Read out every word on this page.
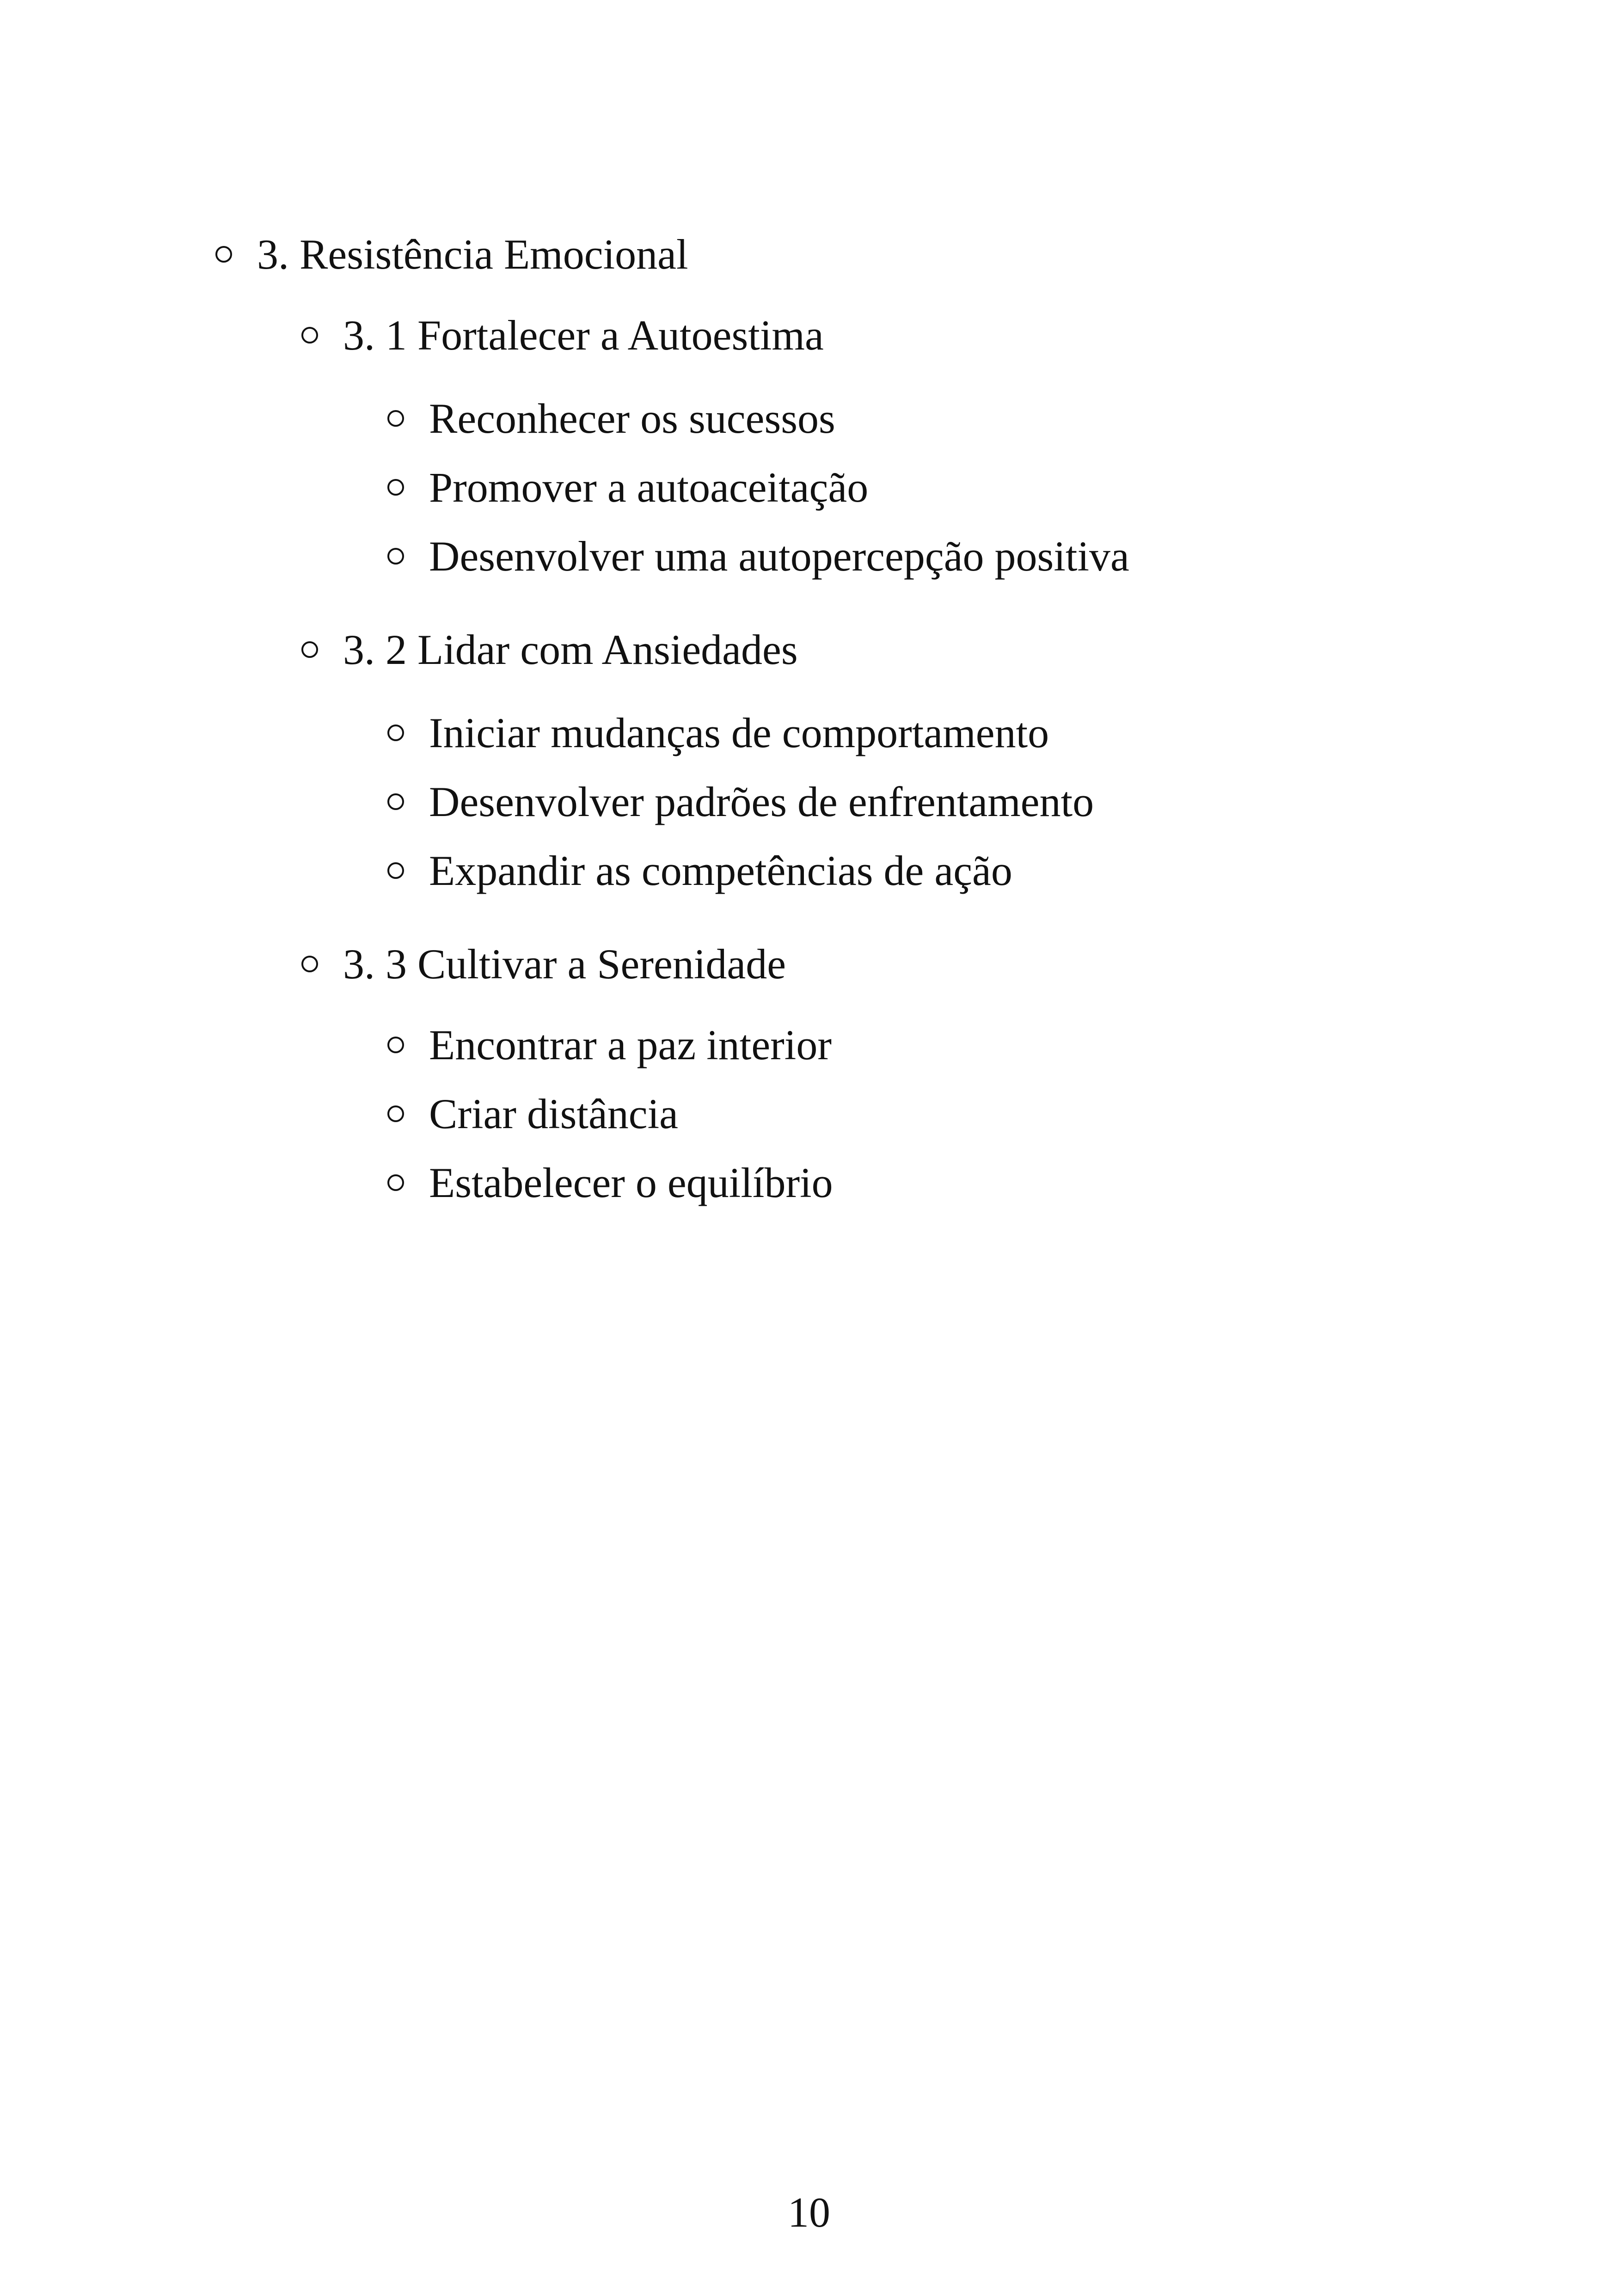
3. Resistência Emocional
3. 1 Fortalecer a Autoestima
Reconhecer os sucessos
Promover a autoaceitação
Desenvolver uma autopercepção positiva
3. 2 Lidar com Ansiedades
Iniciar mudanças de comportamento
Desenvolver padrões de enfrentamento
Expandir as competências de ação
3. 3 Cultivar a Serenidade
Encontrar a paz interior
Criar distância
Estabelecer o equilíbrio
10
